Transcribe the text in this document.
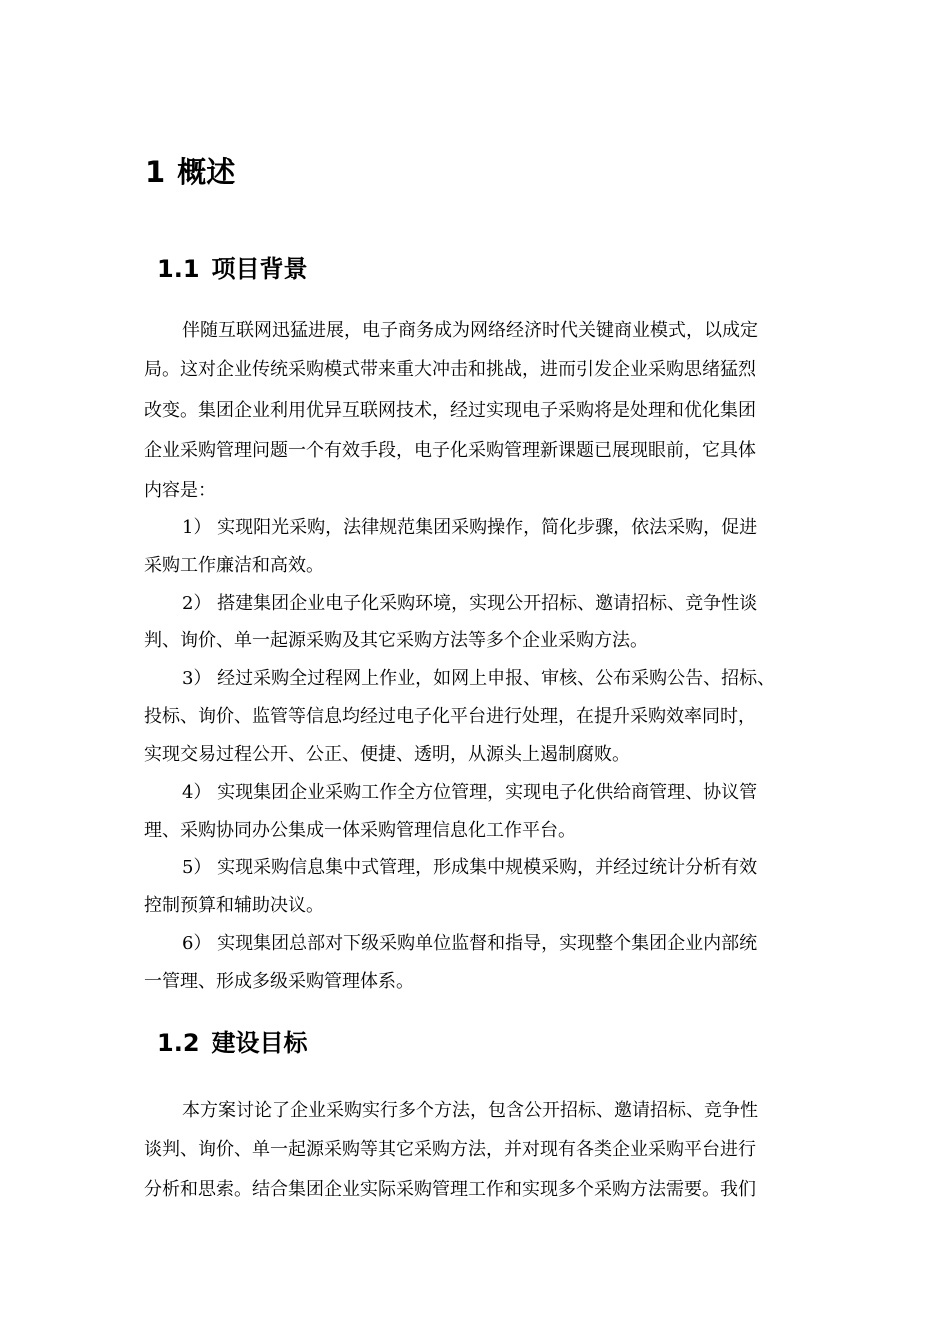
1 概述
1.1 项目背景
伴随互联网迅猛进展，电子商务成为网络经济时代关键商业模式，以成定
局。这对企业传统采购模式带来重大冲击和挑战，进而引发企业采购思绪猛烈
改变。集团企业利用优异互联网技术，经过实现电子采购将是处理和优化集团
企业采购管理问题一个有效手段，电子化采购管理新课题已展现眼前，它具体
内容是：
1） 实现阳光采购，法律规范集团采购操作，简化步骤，依法采购，促进
采购工作廉洁和高效。
2） 搭建集团企业电子化采购环境，实现公开招标、邀请招标、竞争性谈
判、询价、单一起源采购及其它采购方法等多个企业采购方法。
3） 经过采购全过程网上作业，如网上申报、审核、公布采购公告、招标、
投标、询价、监管等信息均经过电子化平台进行处理，在提升采购效率同时，
实现交易过程公开、公正、便捷、透明，从源头上遏制腐败。
4） 实现集团企业采购工作全方位管理，实现电子化供给商管理、协议管
理、采购协同办公集成一体采购管理信息化工作平台。
5） 实现采购信息集中式管理，形成集中规模采购，并经过统计分析有效
控制预算和辅助决议。
6） 实现集团总部对下级采购单位监督和指导，实现整个集团企业内部统
一管理、形成多级采购管理体系。
1.2 建设目标
本方案讨论了企业采购实行多个方法，包含公开招标、邀请招标、竞争性
谈判、询价、单一起源采购等其它采购方法，并对现有各类企业采购平台进行
分析和思索。结合集团企业实际采购管理工作和实现多个采购方法需要。我们
